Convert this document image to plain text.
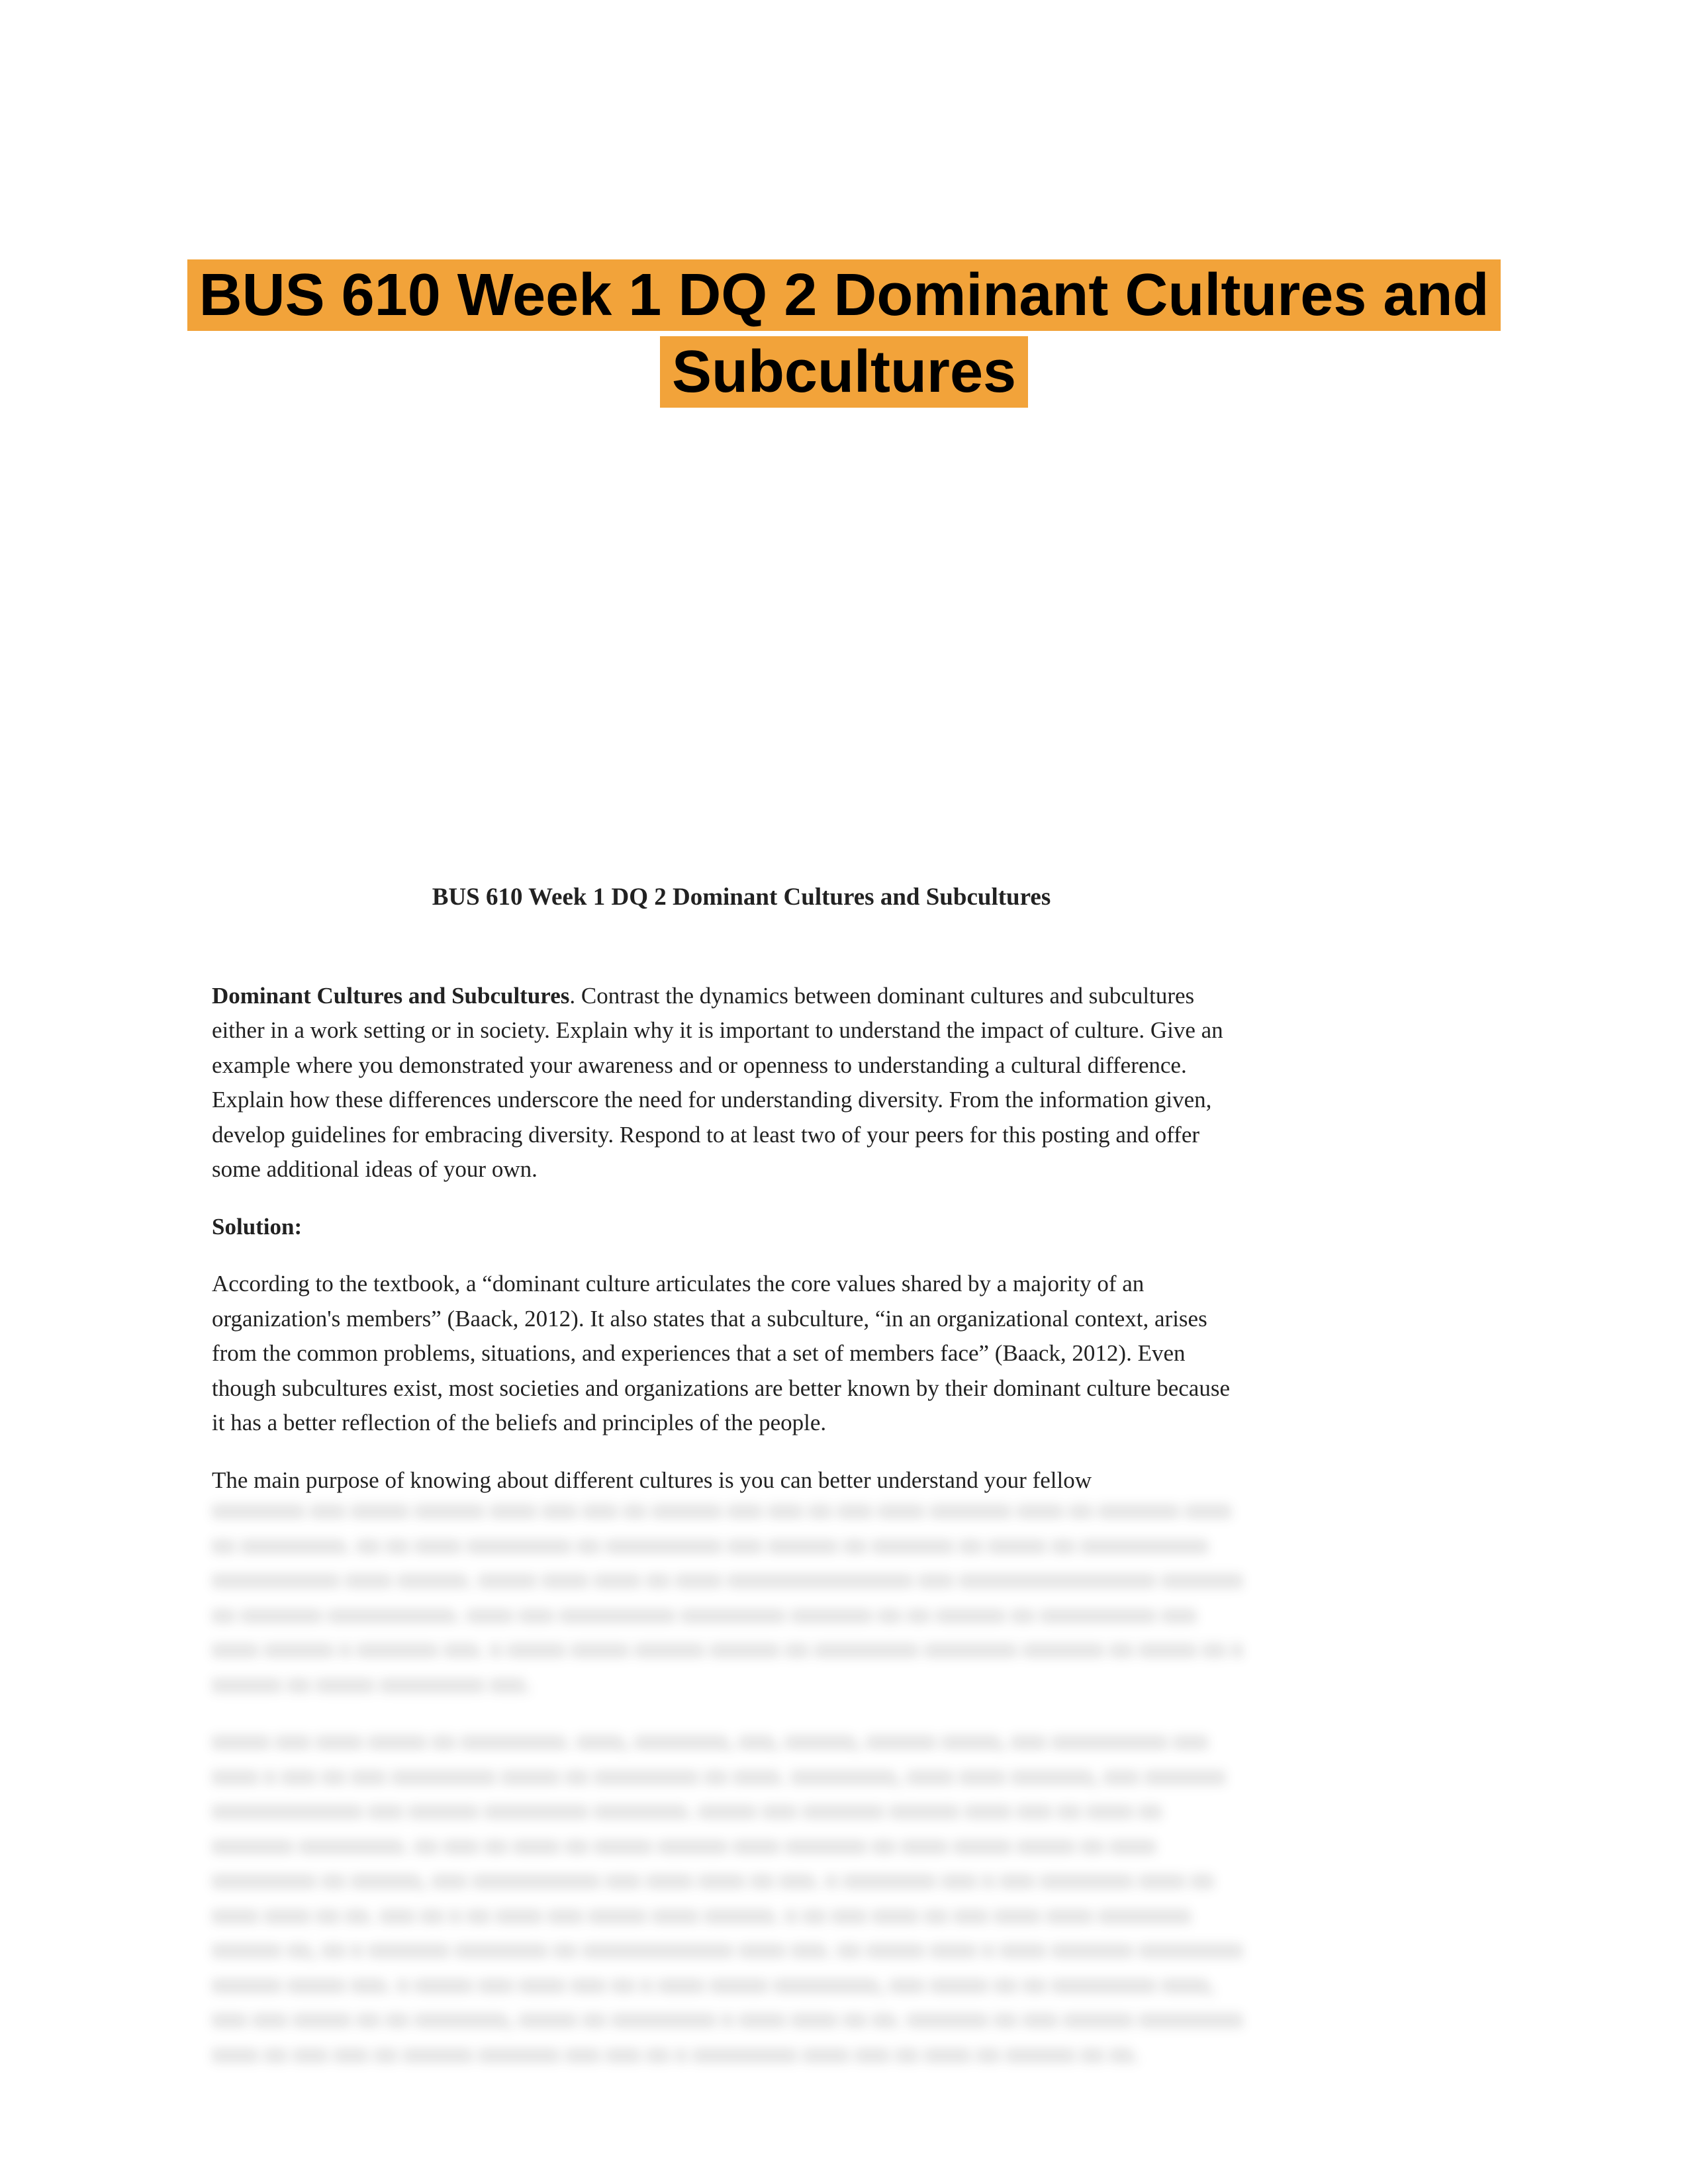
BUS 610 Week 1 DQ 2 Dominant Cultures and
Subcultures
BUS 610 Week 1 DQ 2 Dominant Cultures and Subcultures

Dominant Cultures and Subcultures. Contrast the dynamics between dominant cultures and subcultures either in a work setting or in society. Explain why it is important to understand the impact of culture. Give an example where you demonstrated your awareness and or openness to understanding a cultural difference. Explain how these differences underscore the need for understanding diversity. From the information given, develop guidelines for embracing diversity. Respond to at least two of your peers for this posting and offer some additional ideas of your own.

Solution:

According to the textbook, a “dominant culture articulates the core values shared by a majority of an organization's members” (Baack, 2012). It also states that a subculture, “in an organizational context, arises from the common problems, situations, and experiences that a set of members face” (Baack, 2012). Even though subcultures exist, most societies and organizations are better known by their dominant culture because it has a better reflection of the beliefs and principles of the people.

The main purpose of knowing about different cultures is you can better understand your fellow

xxxxxxxx xxx xxxxx xxxxxx xxxx xxx xxx xx xxxxxx xxx xxx xx xxx xxxx xxxxxxx xxxx xx xxxxxxx xxxx xx xxxxxxxxx. xx xx xxxx xxxxxxxxx xx xxxxxxxxxx xxx xxxxxx xx xxxxxxx xx xxxxx xx xxxxxxxxxxx xxxxxxxxxxx xxxx xxxxxx. xxxxx xxxx xxxx xx xxxx xxxxxxxxxxxxxxxx xxx xxxxxxxxxxxxxxxxx xxxxxxx xx xxxxxxx xxxxxxxxxxx. xxxx xxx xxxxxxxxxx xxxxxxxxx xxxxxxx xx xx xxxxxx xx xxxxxxxxxx xxx xxxx xxxxxx x xxxxxxx xxx. x xxxxx xxxxx xxxxxx xxxxxx xx xxxxxxxxx xxxxxxxx xxxxxxx xx xxxxx xx x xxxxxx xx xxxxx xxxxxxxxx xxx.

xxxxx xxx xxxx xxxxx xx xxxxxxxxx. xxxx, xxxxxxxx, xxx, xxxxxx, xxxxxx xxxxx, xxx xxxxxxxxxx xxx xxxx x xxx xx xxx xxxxxxxxx xxxxx xx xxxxxxxxx xx xxxx. xxxxxxxxx, xxxx xxxx xxxxxxx, xxx xxxxxxx xxxxxxxxxxxxx xxx xxxxxx xxxxxxxxx xxxxxxxx. xxxxx xxx xxxxxxx xxxxxx xxxx xxx xx xxxx xx xxxxxxx xxxxxxxxx. xx xxx xx xxxx xx xxxxx xxxxxx xxxx xxxxxxx xx xxxx xxxxx xxxxx xx xxxx xxxxxxxxx xx xxxxxx, xxx xxxxxxxxxxx xxx xxxx xxxx xx xxx. x xxxxxxxx xxx x xxx xxxxxxxx xxxx xx xxxx xxxx xx xx. xxx xx x xx xxxx xxx xxxxx xxxx xxxxxx. x xx xxx xxxx xx xxx xxxx xxxx xxxxxxxx xxxxxx xx, xx x xxxxxxx xxxxxxxx xx xxxxxxxxxxxxx xxxx xxx. xx xxxxx xxxx x xxxx xxxxxxx xxxxxxxxx xxxxxx xxxxx xxx. x xxxxx xxx xxxx xxx xx x xxxx xxxxx xxxxxxxxx, xxx xxxxx xx xx xxxxxxxxx xxxx, xxx xxx xxxxx xx xx xxxxxxxx, xxxxx xx xxxxxxxxx x xxxx xxxx xx xx. xxxxxxx xx xxx xxxxxx xxxxxxxxx xxxx xx xxx xxx xx xxxxxx xxxxxxx xxx xxx xx x xxxxxxxxx xxxx xxx xx xxxx xx xxxxxx xx xx.
